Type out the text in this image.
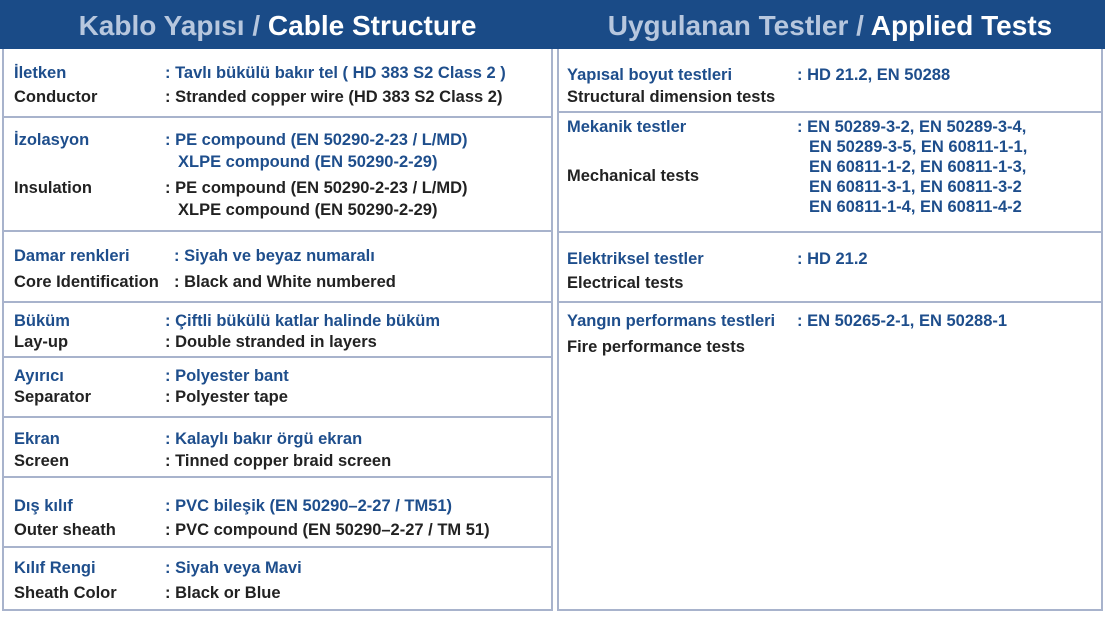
Kablo Yapısı / Cable Structure
İletken	: Tavlı bükülü bakır tel ( HD 383 S2 Class 2 )
Conductor	: Stranded copper wire (HD 383 S2 Class 2)
İzolasyon	: PE compound (EN 50290-2-23 / L/MD)
XLPE compound (EN 50290-2-29)
Insulation	: PE compound (EN 50290-2-23 / L/MD)
XLPE compound (EN 50290-2-29)
Damar renkleri	: Siyah ve beyaz numaralı
Core Identification : Black and White numbered
Büküm	: Çiftli bükülü katlar halinde büküm
Lay-up	: Double stranded in layers
Ayırıcı	: Polyester bant
Separator	: Polyester tape
Ekran	: Kalaylı bakır örgü ekran
Screen	: Tinned copper braid screen
Dış kılıf	: PVC bileşik (EN 50290–2-27 / TM51)
Outer sheath	: PVC compound (EN 50290–2-27 / TM 51)
Kılıf Rengi	: Siyah veya Mavi
Sheath Color	: Black or Blue
Uygulanan Testler / Applied Tests
Yapısal boyut testleri	: HD 21.2, EN 50288
Structural dimension tests
Mekanik testler	: EN 50289-3-2, EN 50289-3-4,
EN 50289-3-5, EN 60811-1-1,
EN 60811-1-2, EN 60811-1-3,
EN 60811-3-1, EN 60811-3-2
EN 60811-1-4, EN 60811-4-2
Mechanical tests
Elektriksel testler	: HD 21.2
Electrical tests
Yangın performans testleri : EN 50265-2-1, EN 50288-1
Fire performance tests
